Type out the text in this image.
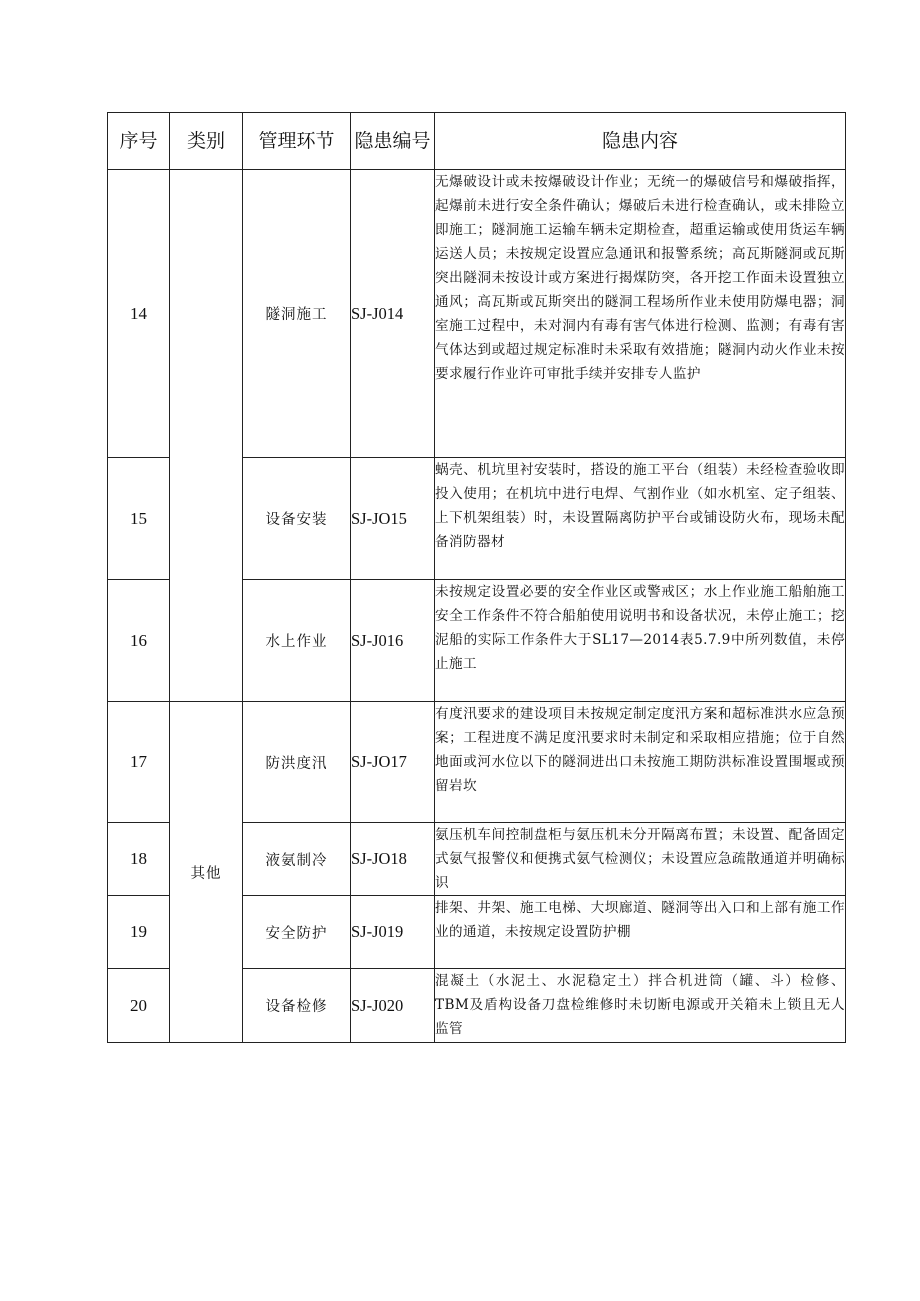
序号	类别	管理环节	隐患编号	隐患内容
14		隧洞施工	SJ-J014	无爆破设计或未按爆破设计作业；无统一的爆破信号和爆破指挥，起爆前未进行安全条件确认；爆破后未进行检查确认，或未排险立即施工；隧洞施工运输车辆未定期检查，超重运输或使用货运车辆运送人员；未按规定设置应急通讯和报警系统；高瓦斯隧洞或瓦斯突出隧洞未按设计或方案进行揭煤防突，各开挖工作面未设置独立通风；高瓦斯或瓦斯突出的隧洞工程场所作业未使用防爆电器；洞室施工过程中，未对洞内有毒有害气体进行检测、监测；有毒有害气体达到或超过规定标准时未采取有效措施；隧洞内动火作业未按要求履行作业许可审批手续并安排专人监护
15		设备安装	SJ-JO15	蜗壳、机坑里衬安装时，搭设的施工平台（组装）未经检查验收即投入使用；在机坑中进行电焊、气割作业（如水机室、定子组装、上下机架组装）时，未设置隔离防护平台或铺设防火布，现场未配备消防器材
16		水上作业	SJ-J016	未按规定设置必要的安全作业区或警戒区；水上作业施工船舶施工安全工作条件不符合船舶使用说明书和设备状况，未停止施工；挖泥船的实际工作条件大于SL17—2014表5.7.9中所列数值，未停止施工
17	其他	防洪度汛	SJ-JO17	有度汛要求的建设项目未按规定制定度汛方案和超标准洪水应急预案；工程进度不满足度汛要求时未制定和采取相应措施；位于自然地面或河水位以下的隧洞进出口未按施工期防洪标准设置围堰或预留岩坎
18		液氨制冷	SJ-JO18	氨压机车间控制盘柜与氨压机未分开隔离布置；未设置、配备固定式氨气报警仪和便携式氨气检测仪；未设置应急疏散通道并明确标识
19		安全防护	SJ-J019	排架、井架、施工电梯、大坝廊道、隧洞等出入口和上部有施工作业的通道，未按规定设置防护棚
20		设备检修	SJ-J020	混凝土（水泥土、水泥稳定土）拌合机进筒（罐、斗）检修、TBM及盾构设备刀盘检维修时未切断电源或开关箱未上锁且无人监管
